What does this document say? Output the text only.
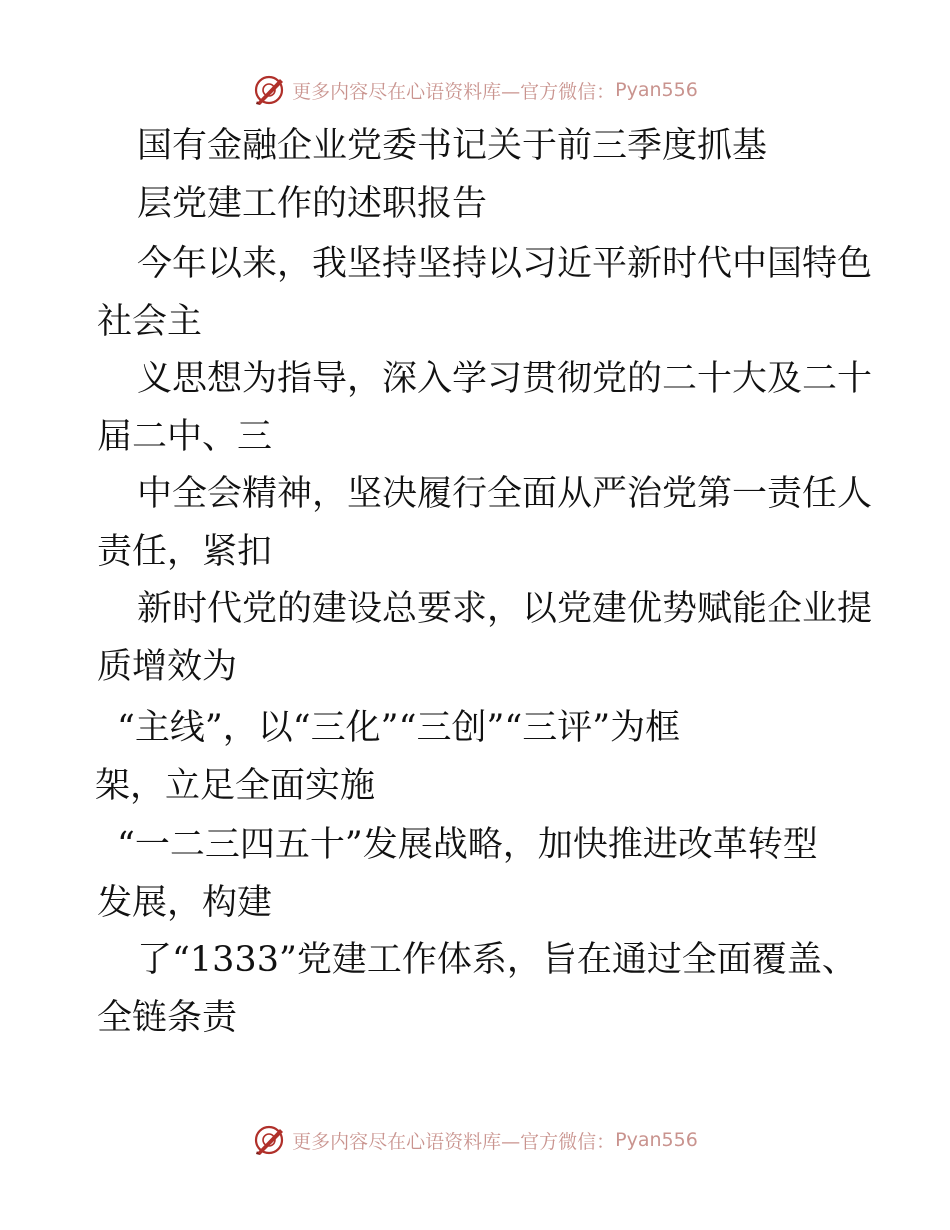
更多内容尽在心语资料库—官方微信： Pyan556
国有金融企业党委书记关于前三季度抓基
层党建工作的述职报告
今年以来，我坚持坚持以习近平新时代中国特色
社会主
义思想为指导，深入学习贯彻党的二十大及二十
届二中、三
中全会精神，坚决履行全面从严治党第一责任人
责任，紧扣
新时代党的建设总要求，以党建优势赋能企业提
质增效为
“主线”，以“三化”“三创”“三评”为框
架，立足全面实施
“一二三四五十”发展战略，加快推进改革转型
发展，构建
了“1333”党建工作体系，旨在通过全面覆盖、
全链条责
更多内容尽在心语资料库—官方微信： Pyan556
